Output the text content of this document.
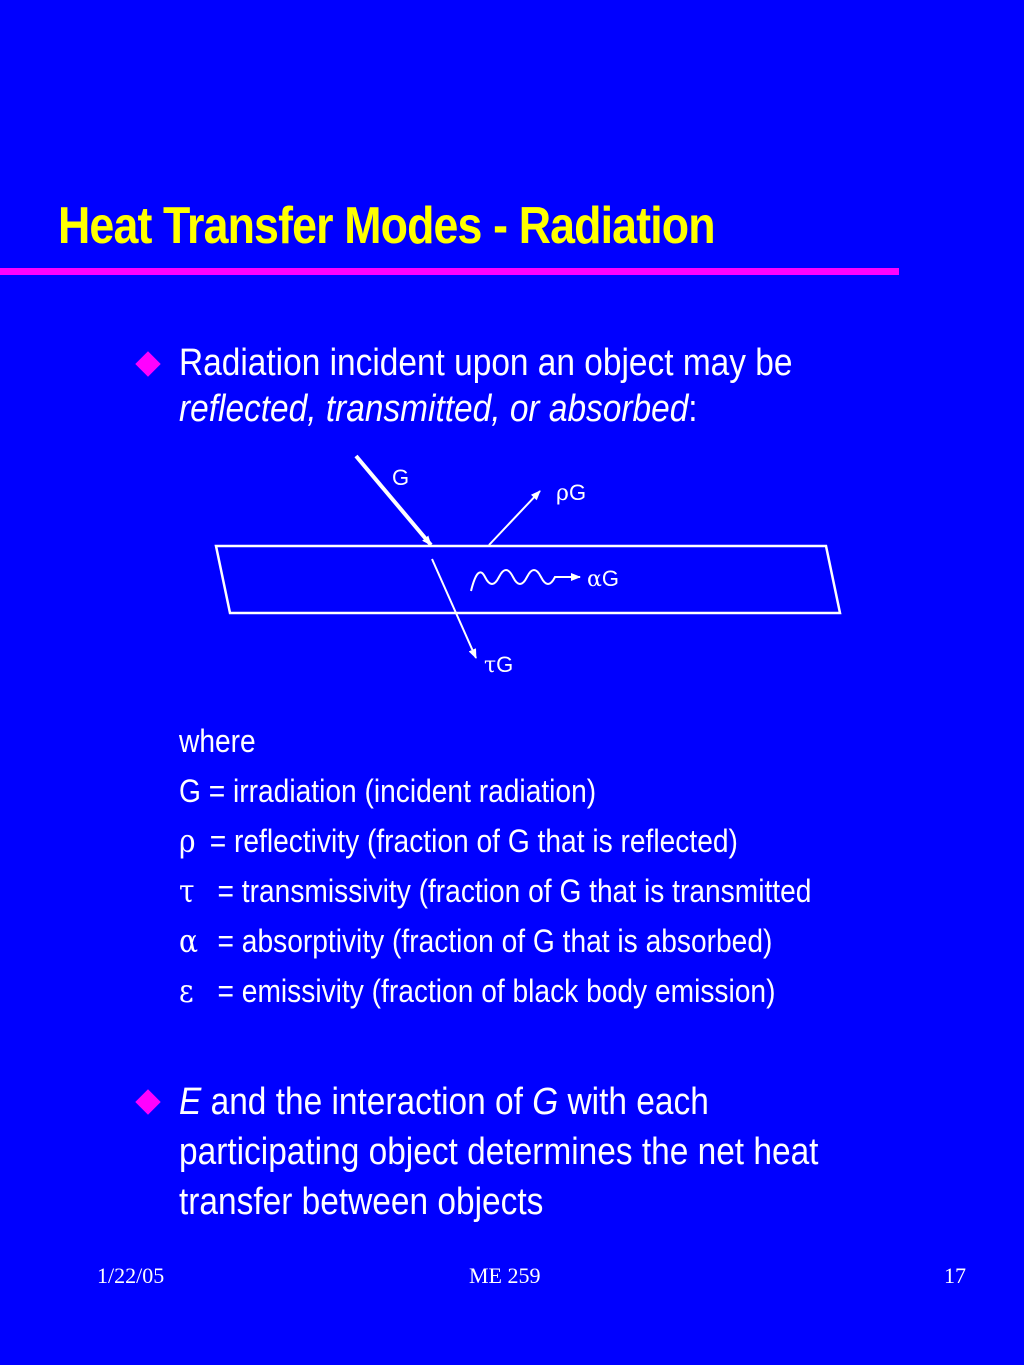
Heat Transfer Modes - Radiation
Radiation incident upon an object may be
reflected, transmitted, or absorbed:
G
ρG
αG
τG
where
G = irradiation (incident radiation)
ρ = reflectivity (fraction of G that is reflected)
τ  = transmissivity (fraction of G that is transmitted
α  = absorptivity (fraction of G that is absorbed)
ε  = emissivity (fraction of black body emission)
E and the interaction of G with each
participating object determines the net heat
transfer between objects
1/22/05	ME 259	17
